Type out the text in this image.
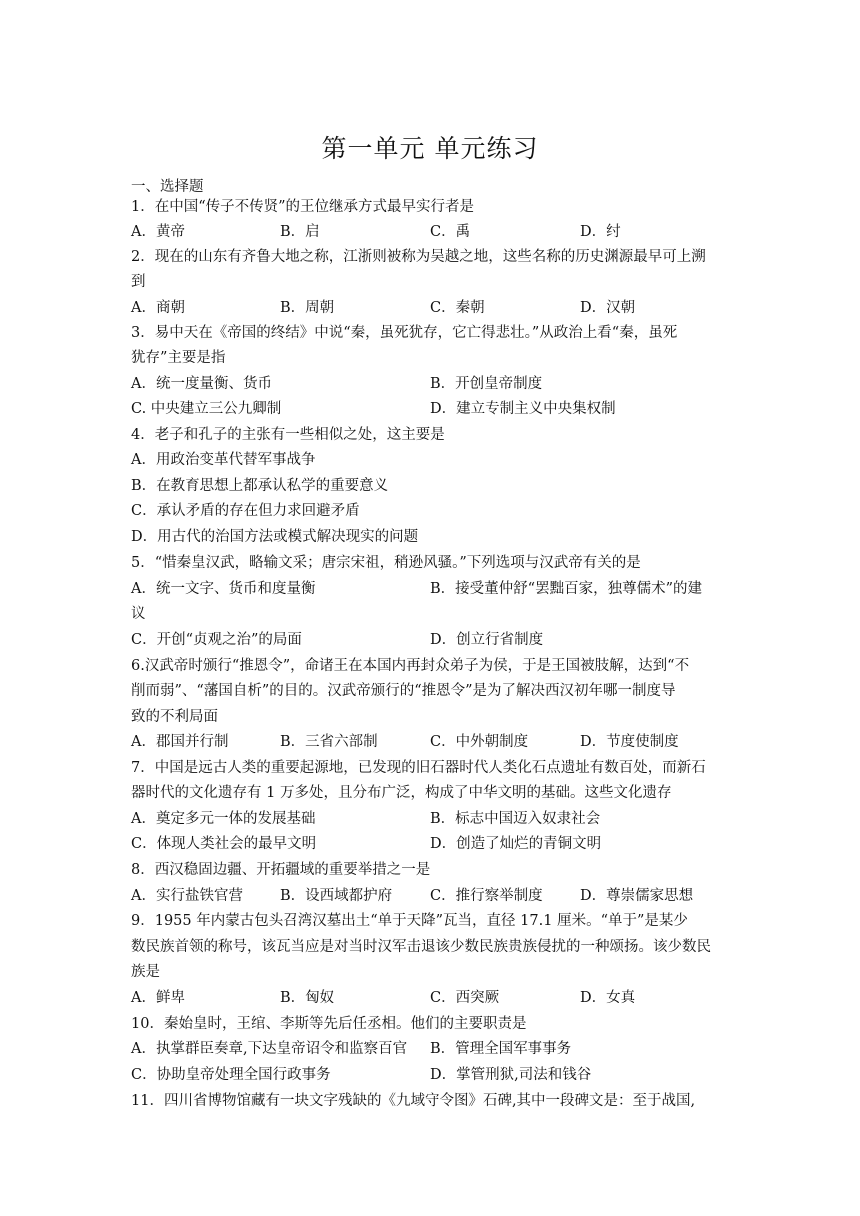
第一单元 单元练习
一、选择题
1．在中国“传子不传贤”的王位继承方式最早实行者是
A．黄帝	B．启	C．禹	D．纣
2．现在的山东有齐鲁大地之称，江浙则被称为吴越之地，这些名称的历史渊源最早可上溯
到
A．商朝	B．周朝	C．秦朝	D．汉朝
3．易中天在《帝国的终结》中说“秦，虽死犹存，它亡得悲壮。”从政治上看“秦，虽死
犹存”主要是指
A．统一度量衡、货币	B．开创皇帝制度
C. 中央建立三公九卿制	D．建立专制主义中央集权制
4．老子和孔子的主张有一些相似之处，这主要是
A．用政治变革代替军事战争
B．在教育思想上都承认私学的重要意义
C．承认矛盾的存在但力求回避矛盾
D．用古代的治国方法或模式解决现实的问题
5．“惜秦皇汉武，略输文采；唐宗宋祖，稍逊风骚。”下列选项与汉武帝有关的是
A．统一文字、货币和度量衡	B．接受董仲舒“罢黜百家，独尊儒术”的建
议
C．开创“贞观之治”的局面	D．创立行省制度
6.汉武帝时颁行“推恩令”，命诸王在本国内再封众弟子为侯，于是王国被肢解，达到“不
削而弱”、“藩国自析”的目的。汉武帝颁行的“推恩令”是为了解决西汉初年哪一制度导
致的不利局面
A．郡国并行制	B．三省六部制	C．中外朝制度	D．节度使制度
7．中国是远古人类的重要起源地，已发现的旧石器时代人类化石点遗址有数百处，而新石
器时代的文化遗存有 1 万多处，且分布广泛，构成了中华文明的基础。这些文化遗存
A．奠定多元一体的发展基础	B．标志中国迈入奴隶社会
C．体现人类社会的最早文明	D．创造了灿烂的青铜文明
8．西汉稳固边疆、开拓疆域的重要举措之一是
A．实行盐铁官营	B．设西域都护府	C．推行察举制度	D．尊崇儒家思想
9．1955 年内蒙古包头召湾汉墓出土“单于天降”瓦当，直径 17.1 厘米。“单于”是某少
数民族首领的称号，该瓦当应是对当时汉军击退该少数民族贵族侵扰的一种颂扬。该少数民
族是
A．鲜卑	B．匈奴	C．西突厥	D．女真
10．秦始皇时，王绾、李斯等先后任丞相。他们的主要职责是
A．执掌群臣奏章,下达皇帝诏令和监察百官 B．管理全国军事事务
C．协助皇帝处理全国行政事务	D．掌管刑狱,司法和钱谷
11．四川省博物馆藏有一块文字残缺的《九域守令图》石碑,其中一段碑文是：至于战国,
